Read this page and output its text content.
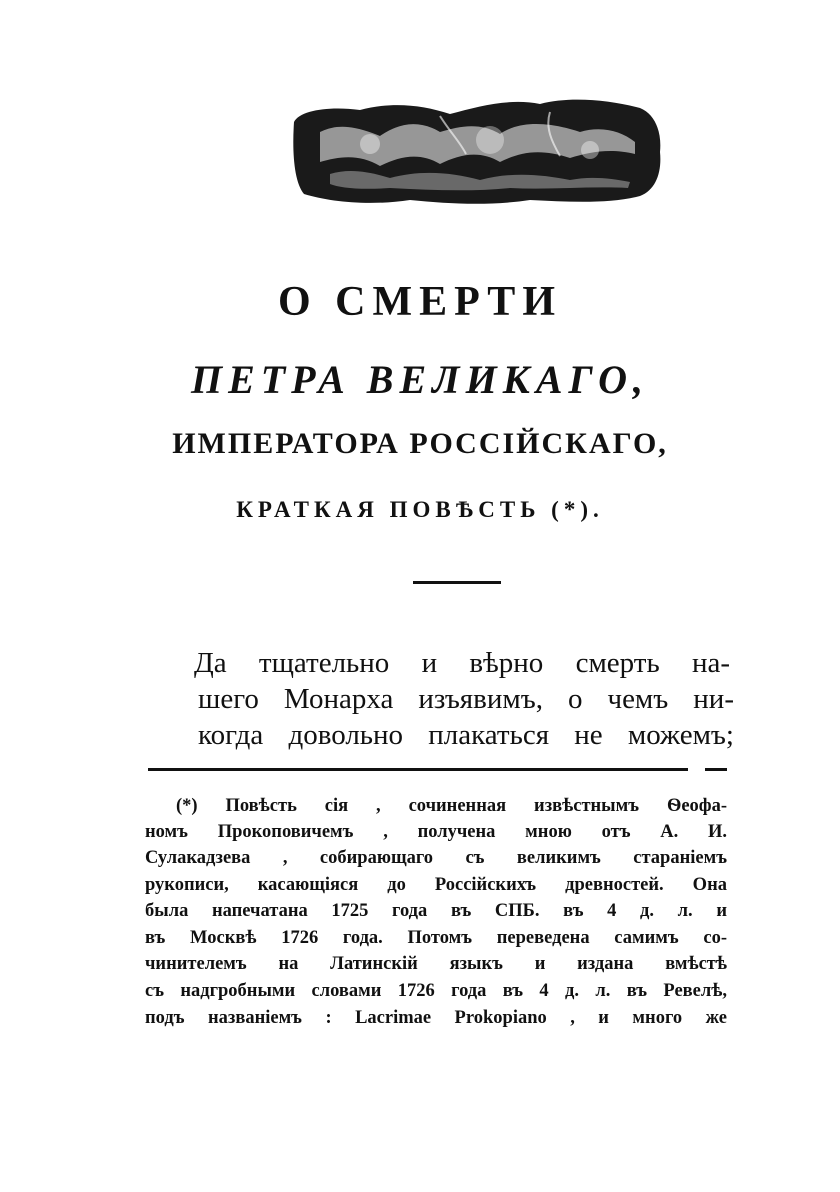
О СМЕРТИ
ПЕТРА ВЕЛИКАГО,
ИМПЕРАТОРА РОССІЙСКАГО,
КРАТКАЯ ПОВѢСТЬ (*).
Да тщательно и вѣрно смерть на-
шего Монарха изъявимъ, о чемъ ни-
когда довольно плакаться не можемъ;
(*) Повѣсть сія , сочиненная извѣстнымъ Ѳеофа-
номъ Прокоповичемъ , получена мною отъ А. И.
Сулакадзева , собирающаго съ великимъ стараніемъ
рукописи, касающіяся до Россійскихъ древностей. Она
была напечатана 1725 года въ СПБ. въ 4 д. л. и
въ Москвѣ 1726 года. Потомъ переведена самимъ со-
чинителемъ на Латинскій языкъ и издана вмѣстѣ
съ надгробными словами 1726 года въ 4 д. л. въ Ревелѣ,
подъ названіемъ : Lacrimae Prokopiano , и много же
